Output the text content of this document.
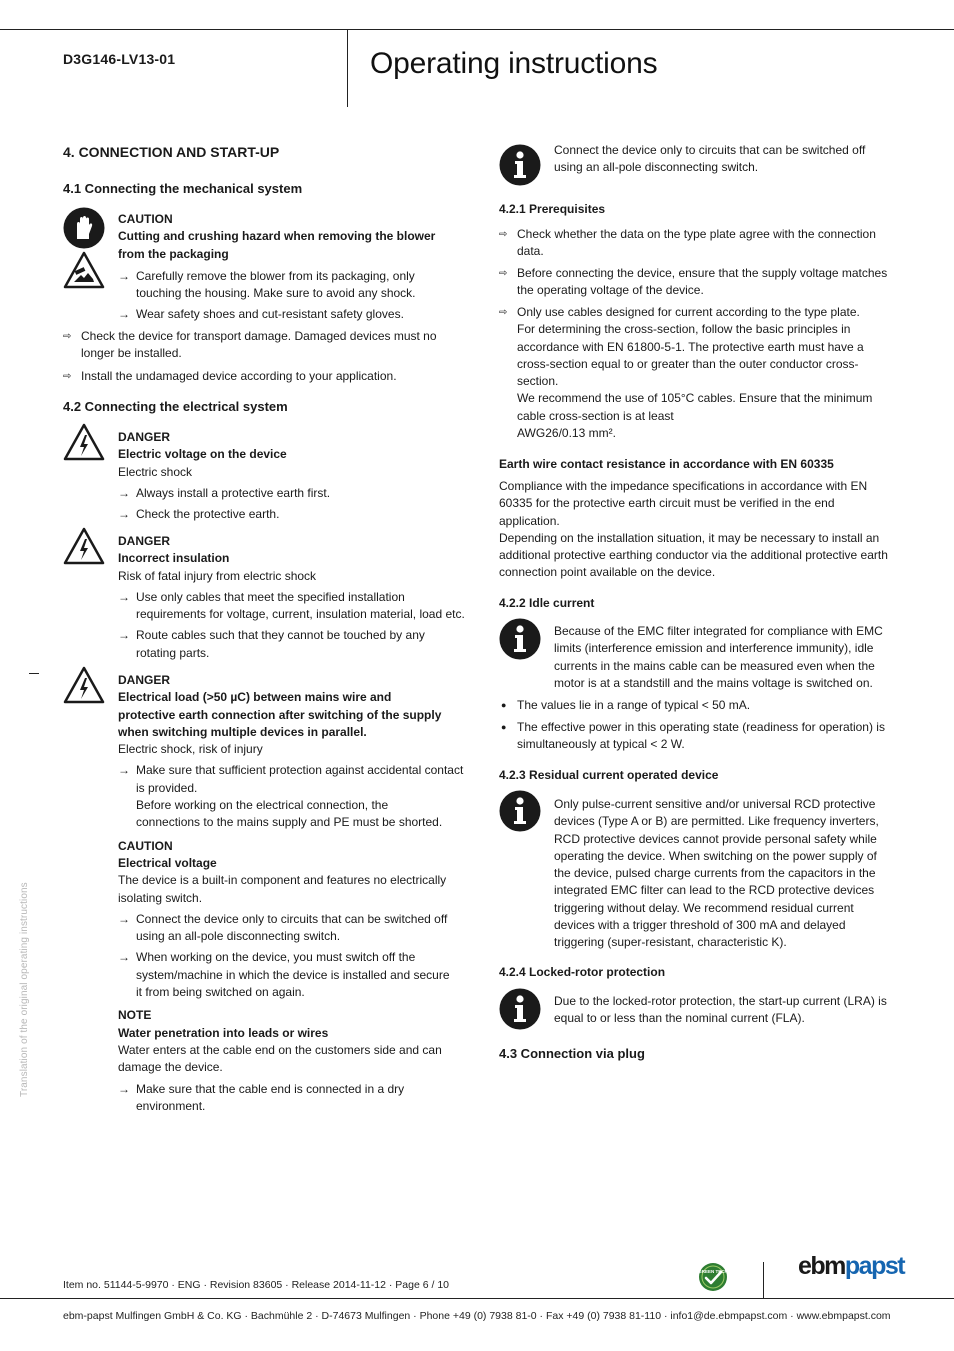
D3G146-LV13-01	Operating instructions
Translation of the original operating instructions
4. CONNECTION AND START-UP
4.1 Connecting the mechanical system
CAUTION
Cutting and crushing hazard when removing the blower
from the packaging
→ Carefully remove the blower from its packaging, only
touching the housing. Make sure to avoid any shock.
→ Wear safety shoes and cut-resistant safety gloves.
⇨ Check the device for transport damage. Damaged devices must no
longer be installed.
⇨ Install the undamaged device according to your application.
4.2 Connecting the electrical system
DANGER
Electric voltage on the device
Electric shock
→ Always install a protective earth first.
→ Check the protective earth.
DANGER
Incorrect insulation
Risk of fatal injury from electric shock
→ Use only cables that meet the specified installation
requirements for voltage, current, insulation material, load etc.
→ Route cables such that they cannot be touched by any
rotating parts.
DANGER
Electrical load (>50 µC) between mains wire and
protective earth connection after switching of the supply
when switching multiple devices in parallel.
Electric shock, risk of injury
→ Make sure that sufficient protection against accidental contact
is provided.
Before working on the electrical connection, the
connections to the mains supply and PE must be shorted.
CAUTION
Electrical voltage
The device is a built-in component and features no electrically
isolating switch.
→ Connect the device only to circuits that can be switched off
using an all-pole disconnecting switch.
→ When working on the device, you must switch off the
system/machine in which the device is installed and secure
it from being switched on again.
NOTE
Water penetration into leads or wires
Water enters at the cable end on the customers side and can
damage the device.
→ Make sure that the cable end is connected in a dry
environment.
Connect the device only to circuits that can be switched off
using an all-pole disconnecting switch.
4.2.1 Prerequisites
⇨ Check whether the data on the type plate agree with the connection
data.
⇨ Before connecting the device, ensure that the supply voltage matches
the operating voltage of the device.
⇨ Only use cables designed for current according to the type plate.
For determining the cross-section, follow the basic principles in
accordance with EN 61800-5-1. The protective earth must have a
cross-section equal to or greater than the outer conductor cross-
section.
We recommend the use of 105°C cables. Ensure that the minimum
cable cross-section is at least
AWG26/0.13 mm².
Earth wire contact resistance in accordance with EN 60335
Compliance with the impedance specifications in accordance with EN
60335 for the protective earth circuit must be verified in the end
application.
Depending on the installation situation, it may be necessary to install an
additional protective earthing conductor via the additional protective earth
connection point available on the device.
4.2.2 Idle current
Because of the EMC filter integrated for compliance with EMC
limits (interference emission and interference immunity), idle
currents in the mains cable can be measured even when the
motor is at a standstill and the mains voltage is switched on.
● The values lie in a range of typical < 50 mA.
● The effective power in this operating state (readiness for operation) is
simultaneously at typical < 2 W.
4.2.3 Residual current operated device
Only pulse-current sensitive and/or universal RCD protective
devices (Type A or B) are permitted. Like frequency inverters,
RCD protective devices cannot provide personal safety while
operating the device. When switching on the power supply of
the device, pulsed charge currents from the capacitors in the
integrated EMC filter can lead to the RCD protective devices
triggering without delay. We recommend residual current
devices with a trigger threshold of 300 mA and delayed
triggering (super-resistant, characteristic K).
4.2.4 Locked-rotor protection
Due to the locked-rotor protection, the start-up current (LRA) is
equal to or less than the nominal current (FLA).
4.3 Connection via plug
Item no. 51144-5-9970 · ENG · Revision 83605 · Release 2014-11-12 · Page 6 / 10
GREEN TECH	ebmpapst
ebm-papst Mulfingen GmbH & Co. KG · Bachmühle 2 · D-74673 Mulfingen · Phone +49 (0) 7938 81-0 · Fax +49 (0) 7938 81-110 · info1@de.ebmpapst.com · www.ebmpapst.com
